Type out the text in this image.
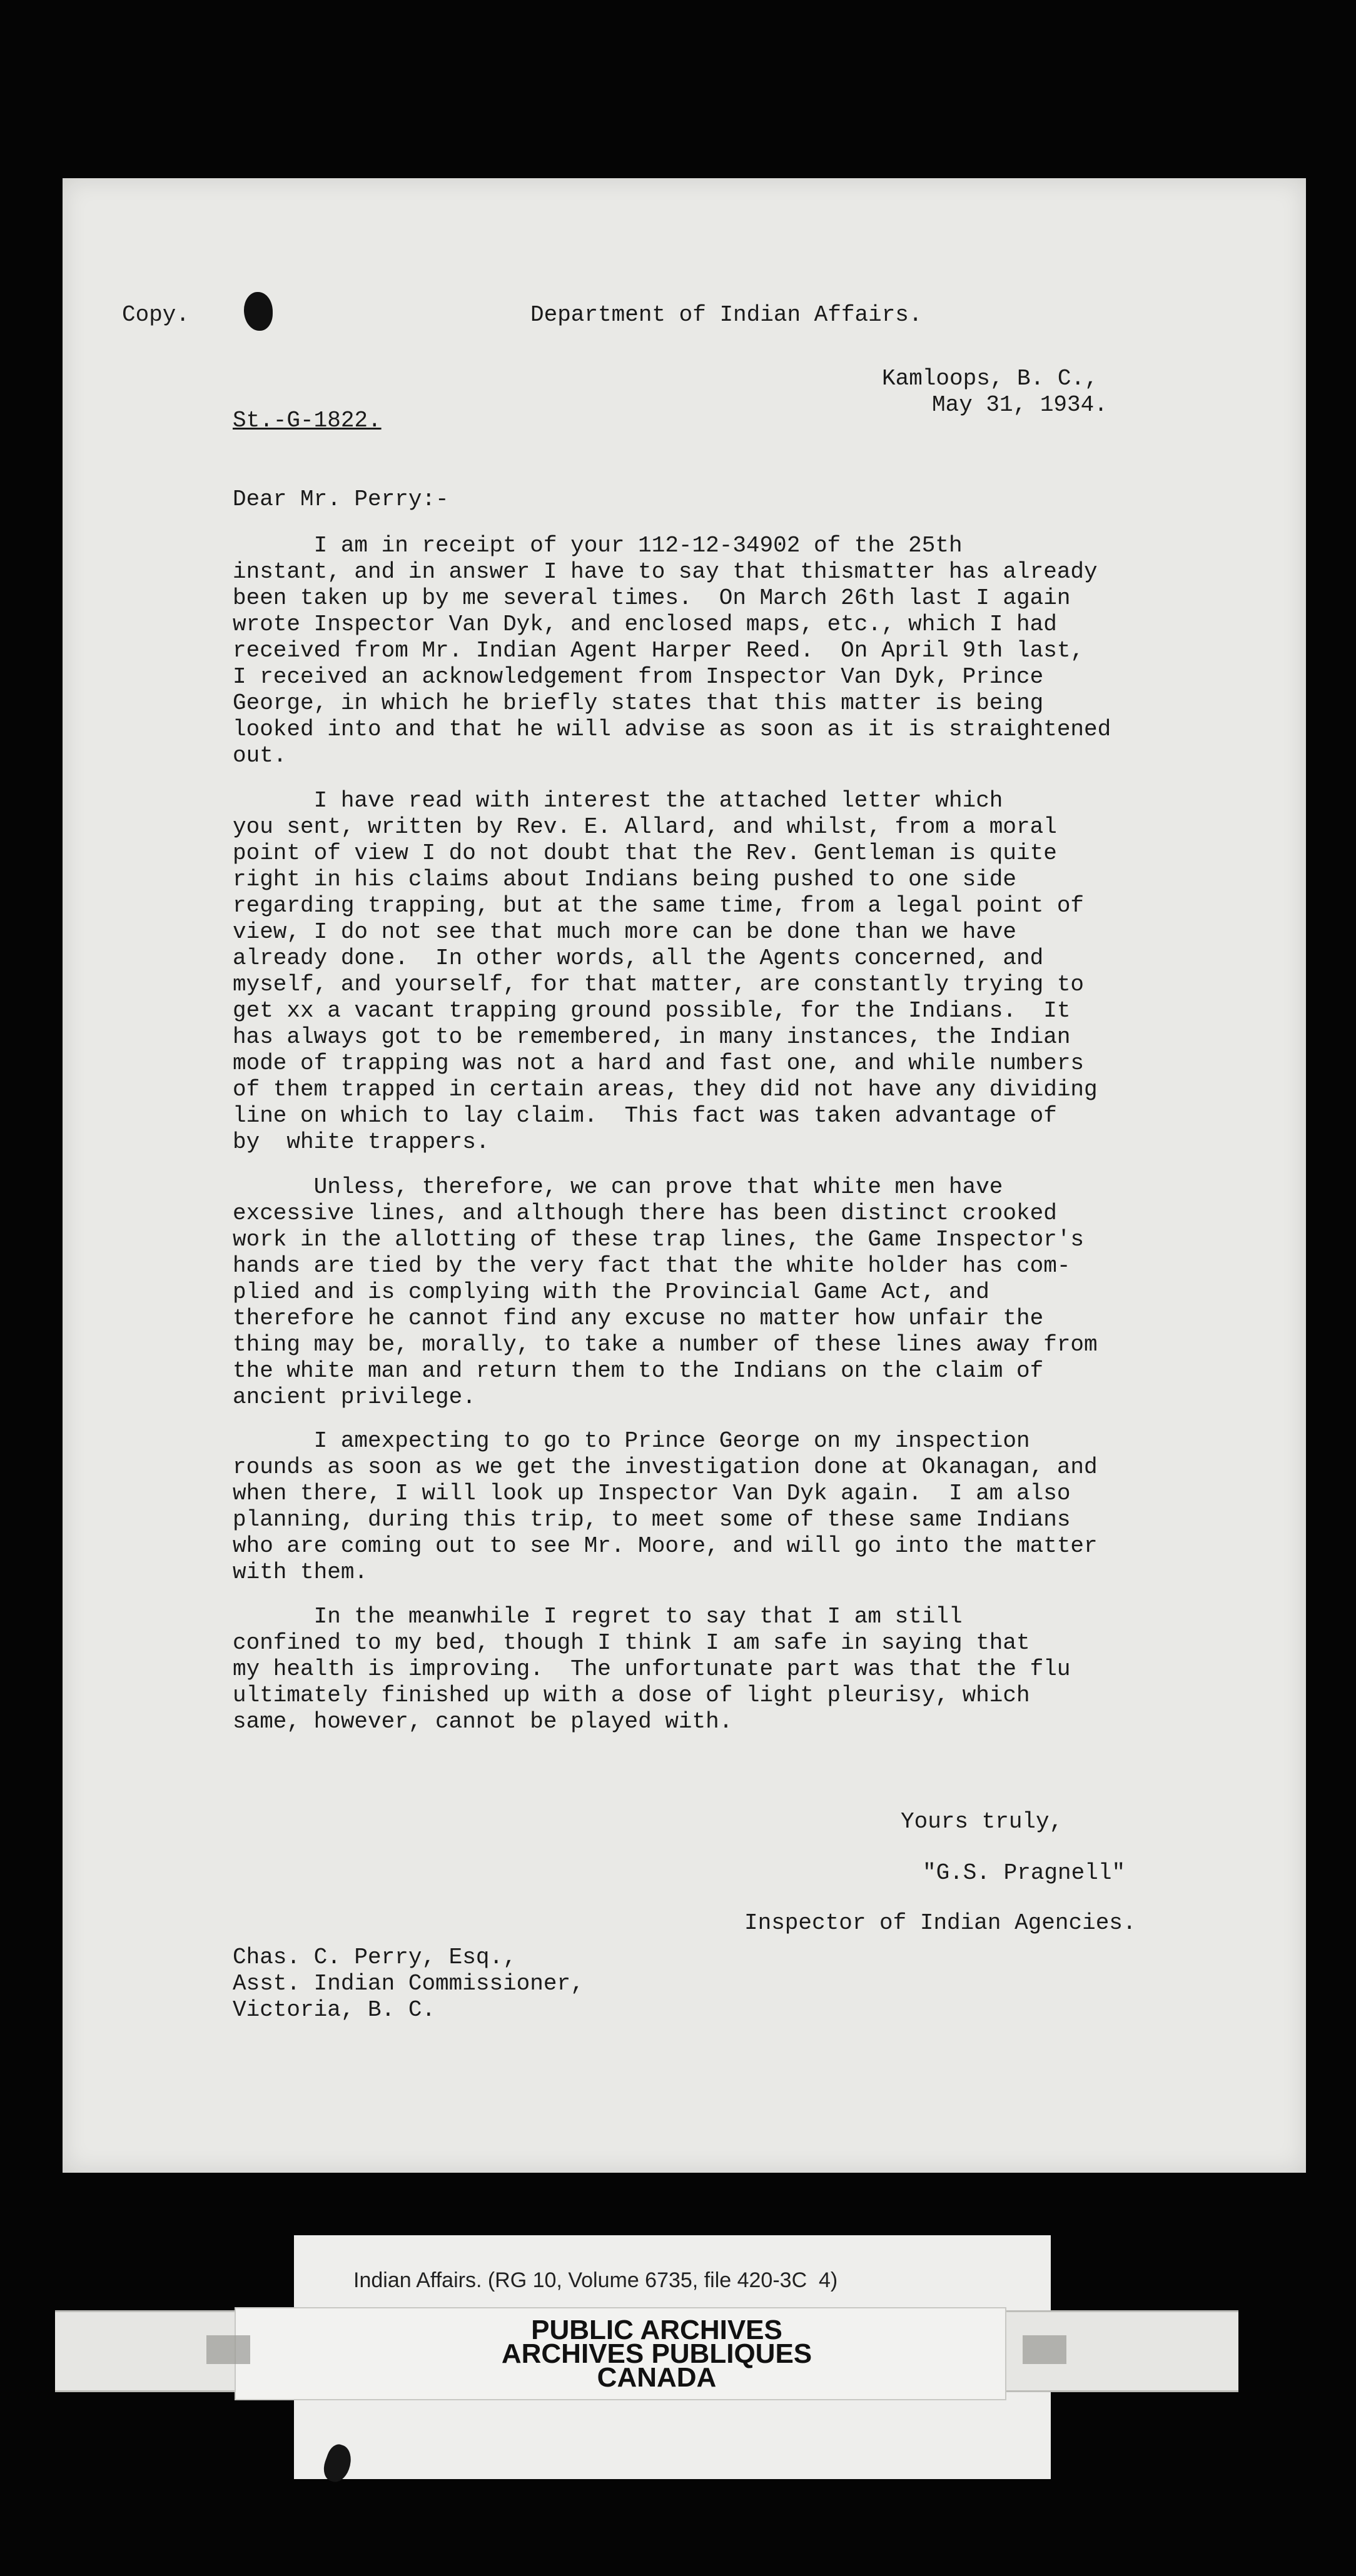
Copy.	Department of Indian Affairs.
Kamloops, B. C.,
May 31, 1934.
St.-G-1822.
Dear Mr. Perry:-
I am in receipt of your 112-12-34902 of the 25th
instant, and in answer I have to say that thismatter has already
been taken up by me several times.  On March 26th last I again
wrote Inspector Van Dyk, and enclosed maps, etc., which I had
received from Mr. Indian Agent Harper Reed.  On April 9th last,
I received an acknowledgement from Inspector Van Dyk, Prince
George, in which he briefly states that this matter is being
looked into and that he will advise as soon as it is straightened
out.
I have read with interest the attached letter which
you sent, written by Rev. E. Allard, and whilst, from a moral
point of view I do not doubt that the Rev. Gentleman is quite
right in his claims about Indians being pushed to one side
regarding trapping, but at the same time, from a legal point of
view, I do not see that much more can be done than we have
already done.  In other words, all the Agents concerned, and
myself, and yourself, for that matter, are constantly trying to
get xx a vacant trapping ground possible, for the Indians.  It
has always got to be remembered, in many instances, the Indian
mode of trapping was not a hard and fast one, and while numbers
of them trapped in certain areas, they did not have any dividing
line on which to lay claim.  This fact was taken advantage of
by  white trappers.
Unless, therefore, we can prove that white men have
excessive lines, and although there has been distinct crooked
work in the allotting of these trap lines, the Game Inspector's
hands are tied by the very fact that the white holder has com-
plied and is complying with the Provincial Game Act, and
therefore he cannot find any excuse no matter how unfair the
thing may be, morally, to take a number of these lines away from
the white man and return them to the Indians on the claim of
ancient privilege.
I amexpecting to go to Prince George on my inspection
rounds as soon as we get the investigation done at Okanagan, and
when there, I will look up Inspector Van Dyk again.  I am also
planning, during this trip, to meet some of these same Indians
who are coming out to see Mr. Moore, and will go into the matter
with them.
In the meanwhile I regret to say that I am still
confined to my bed, though I think I am safe in saying that
my health is improving.  The unfortunate part was that the flu
ultimately finished up with a dose of light pleurisy, which
same, however, cannot be played with.
Yours truly,
"G.S. Pragnell"
Inspector of Indian Agencies.
Chas. C. Perry, Esq.,
Asst. Indian Commissioner,
Victoria, B. C.
Indian Affairs. (RG 10, Volume 6735, file 420-3C  4)
PUBLIC ARCHIVES
ARCHIVES PUBLIQUES
CANADA
